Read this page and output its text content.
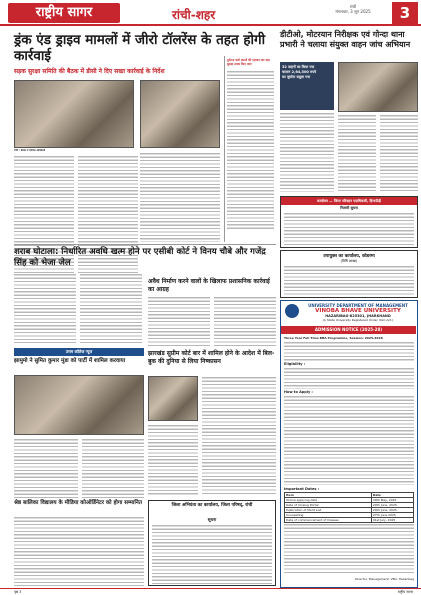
राष्ट्रीय सागर	रांची-शहर
रांची
मंगलवार, 3 जून 2025	3
ड्रंक एंड ड्राइव मामलों में जीरो टॉलरेंस के तहत होगी कार्रवाई
सड़क सुरक्षा समिति की बैठक में डीसी ने दिए सख्त कार्रवाई के निर्देश
रांची : बैठक में शामिल अधिकारी
दुर्घटना वाले स्थानों की पहचान कर वहां सुरक्षा उपाय किए जाएं
डीटीओ, मोटरयान निरीक्षक एवं गोन्दा थाना प्रभारी ने चलाया संयुक्त वाहन जांच अभियान
32 वाहनों का किया गया
चालान 2,64,500 रुपये
का जुर्माना वसूला गया
कार्यालय — जिला परिवहन पदाधिकारी, हिन्दपीढ़ी
निलामी सूचना
उपायुक्त का कार्यालय, कोडरमा
(विधि शाखा)
शराब घोटाला: निर्धारित अवधि खत्म होने पर एसीबी कोर्ट ने विनय चौबे और गजेंद्र सिंह को भेजा जेल
अवैध निर्माण करने वालों के खिलाफ प्रशासनिक कार्रवाई का आग्रह
उत्तम कॉलेज न्यूज
झामुमो ने सुमित कुमार मुंडा को पार्टी में शामिल करवाया
झारखंड सुप्रीम कोर्ट बार में शामिल होने के आदेश में बिल-बुक की दुनिया से लिया निष्कासन
श्रेष्ठ बालिका विद्यालय के मीडिया कोऑर्डिनेटर को होगा सम्मानित	जिला अभियंता का कार्यालय, जिला परिषद्, रांची
सूचना
UNIVERSITY DEPARTMENT OF MANAGEMENT
VINOBA BHAVE UNIVERSITY
HAZARIBAG-825301, JHARKHAND
(A State University Registered Under UGC Act.)
ADMISSION NOTICE (2025-28)
Three Year Full Time BBA Programme, Session: 2025-2028
Eligibility :
How to Apply :
Important Dates :
Item	Date
Online applying date	29th May, 2025
Date of Closing Portal	20th June, 2025
Publication of Merit List	24th June, 2025
Counselling	27th June 2025
Date of commencement of Classes	01st July, 2025
Director, Management, VBU, Hazaribag
पृष्ठ 3	राष्ट्रीय सागर
